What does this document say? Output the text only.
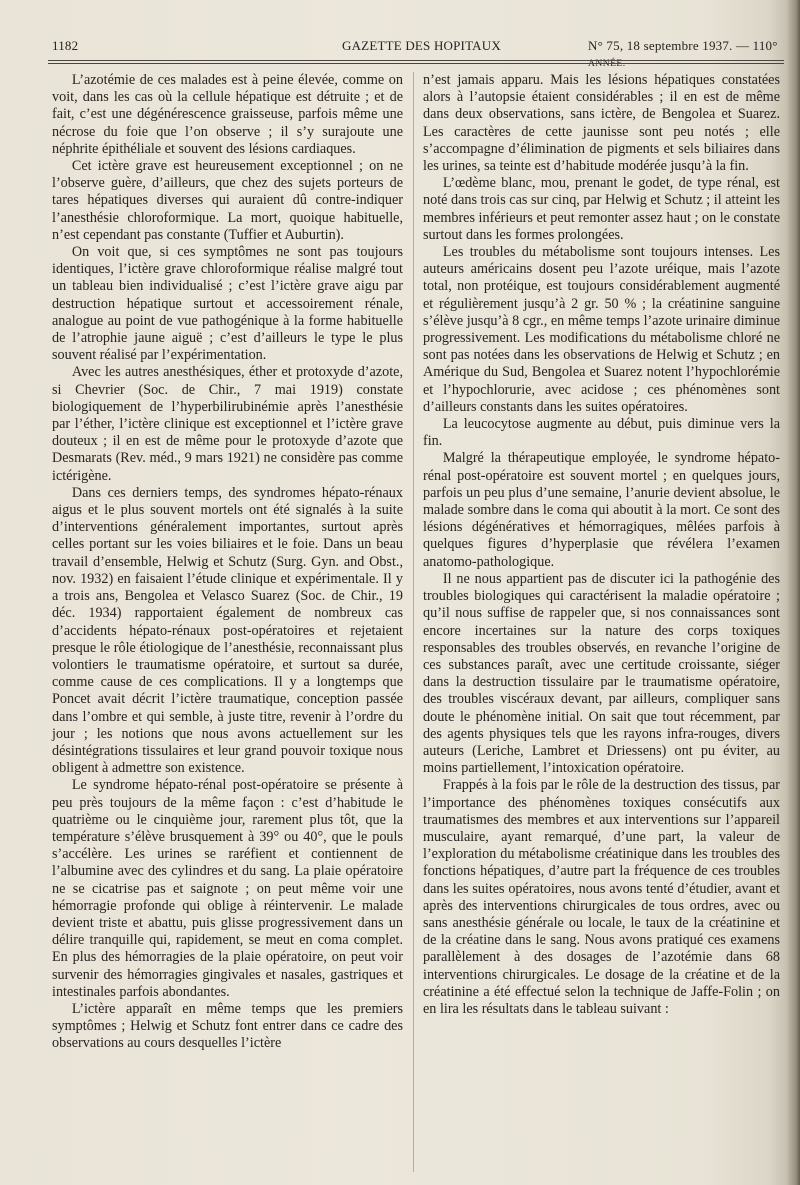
1182	GAZETTE DES HOPITAUX	N° 75, 18 septembre 1937. — 110° ANNÉE.

L’azotémie de ces malades est à peine élevée, comme on voit, dans les cas où la cellule hépatique est détruite ; et de fait, c’est une dégénérescence graisseuse, parfois même une nécrose du foie que l’on observe ; il s’y surajoute une néphrite épithéliale et souvent des lésions cardiaques.

Cet ictère grave est heureusement exceptionnel ; on ne l’observe guère, d’ailleurs, que chez des sujets porteurs de tares hépatiques diverses qui auraient dû contre-indiquer l’anesthésie chloroformique. La mort, quoique habituelle, n’est cependant pas constante (Tuffier et Auburtin).

On voit que, si ces symptômes ne sont pas toujours identiques, l’ictère grave chloroformique réalise malgré tout un tableau bien individualisé ; c’est l’ictère grave aigu par destruction hépatique surtout et accessoirement rénale, analogue au point de vue pathogénique à la forme habituelle de l’atrophie jaune aiguë ; c’est d’ailleurs le type le plus souvent réalisé par l’expérimentation.

Avec les autres anesthésiques, éther et protoxyde d’azote, si Chevrier (Soc. de Chir., 7 mai 1919) constate biologiquement de l’hyperbilirubinémie après l’anesthésie par l’éther, l’ictère clinique est exceptionnel et l’ictère grave douteux ; il en est de même pour le protoxyde d’azote que Desmarats (Rev. méd., 9 mars 1921) ne considère pas comme ictérigène.

Dans ces derniers temps, des syndromes hépato-rénaux aigus et le plus souvent mortels ont été signalés à la suite d’interventions généralement importantes, surtout après celles portant sur les voies biliaires et le foie. Dans un beau travail d’ensemble, Helwig et Schutz (Surg. Gyn. and Obst., nov. 1932) en faisaient l’étude clinique et expérimentale. Il y a trois ans, Bengolea et Velasco Suarez (Soc. de Chir., 19 déc. 1934) rapportaient également de nombreux cas d’accidents hépato-rénaux post-opératoires et rejetaient presque le rôle étiologique de l’anesthésie, reconnaissant plus volontiers le traumatisme opératoire, et surtout sa durée, comme cause de ces complications. Il y a longtemps que Poncet avait décrit l’ictère traumatique, conception passée dans l’ombre et qui semble, à juste titre, revenir à l’ordre du jour ; les notions que nous avons actuellement sur les désintégrations tissulaires et leur grand pouvoir toxique nous obligent à admettre son existence.

Le syndrome hépato-rénal post-opératoire se présente à peu près toujours de la même façon : c’est d’habitude le quatrième ou le cinquième jour, rarement plus tôt, que la température s’élève brusquement à 39° ou 40°, que le pouls s’accélère. Les urines se raréfient et contiennent de l’albumine avec des cylindres et du sang. La plaie opératoire ne se cicatrise pas et saignote ; on peut même voir une hémorragie profonde qui oblige à réintervenir. Le malade devient triste et abattu, puis glisse progressivement dans un délire tranquille qui, rapidement, se meut en coma complet. En plus des hémorragies de la plaie opératoire, on peut voir survenir des hémorragies gingivales et nasales, gastriques et intestinales parfois abondantes.

L’ictère apparaît en même temps que les premiers symptômes ; Helwig et Schutz font entrer dans ce cadre des observations au cours desquelles l’ictère

n’est jamais apparu. Mais les lésions hépatiques constatées alors à l’autopsie étaient considérables ; il en est de même dans deux observations, sans ictère, de Bengolea et Suarez. Les caractères de cette jaunisse sont peu notés ; elle s’accompagne d’élimination de pigments et sels biliaires dans les urines, sa teinte est d’habitude modérée jusqu’à la fin.

L’œdème blanc, mou, prenant le godet, de type rénal, est noté dans trois cas sur cinq, par Helwig et Schutz ; il atteint les membres inférieurs et peut remonter assez haut ; on le constate surtout dans les formes prolongées.

Les troubles du métabolisme sont toujours intenses. Les auteurs américains dosent peu l’azote uréique, mais l’azote total, non protéique, est toujours considérablement augmenté et régulièrement jusqu’à 2 gr. 50 % ; la créatinine sanguine s’élève jusqu’à 8 cgr., en même temps l’azote urinaire diminue progressivement. Les modifications du métabolisme chloré ne sont pas notées dans les observations de Helwig et Schutz ; en Amérique du Sud, Bengolea et Suarez notent l’hypochlorémie et l’hypochlorurie, avec acidose ; ces phénomènes sont d’ailleurs constants dans les suites opératoires.

La leucocytose augmente au début, puis diminue vers la fin.

Malgré la thérapeutique employée, le syndrome hépato-rénal post-opératoire est souvent mortel ; en quelques jours, parfois un peu plus d’une semaine, l’anurie devient absolue, le malade sombre dans le coma qui aboutit à la mort. Ce sont des lésions dégénératives et hémorragiques, mêlées parfois à quelques figures d’hyperplasie que révélera l’examen anatomo-pathologique.

Il ne nous appartient pas de discuter ici la pathogénie des troubles biologiques qui caractérisent la maladie opératoire ; qu’il nous suffise de rappeler que, si nos connaissances sont encore incertaines sur la nature des corps toxiques responsables des troubles observés, en revanche l’origine de ces substances paraît, avec une certitude croissante, siéger dans la destruction tissulaire par le traumatisme opératoire, des troubles viscéraux devant, par ailleurs, compliquer sans doute le phénomène initial. On sait que tout récemment, par des agents physiques tels que les rayons infra-rouges, divers auteurs (Leriche, Lambret et Driessens) ont pu éviter, au moins partiellement, l’intoxication opératoire.

Frappés à la fois par le rôle de la destruction des tissus, par l’importance des phénomènes toxiques consécutifs aux traumatismes des membres et aux interventions sur l’appareil musculaire, ayant remarqué, d’une part, la valeur de l’exploration du métabolisme créatinique dans les troubles des fonctions hépatiques, d’autre part la fréquence de ces troubles dans les suites opératoires, nous avons tenté d’étudier, avant et après des interventions chirurgicales de tous ordres, avec ou sans anesthésie générale ou locale, le taux de la créatinine et de la créatine dans le sang. Nous avons pratiqué ces examens parallèlement à des dosages de l’azotémie dans 68 interventions chirurgicales. Le dosage de la créatine et de la créatinine a été effectué selon la technique de Jaffe-Folin ; on en lira les résultats dans le tableau suivant :
